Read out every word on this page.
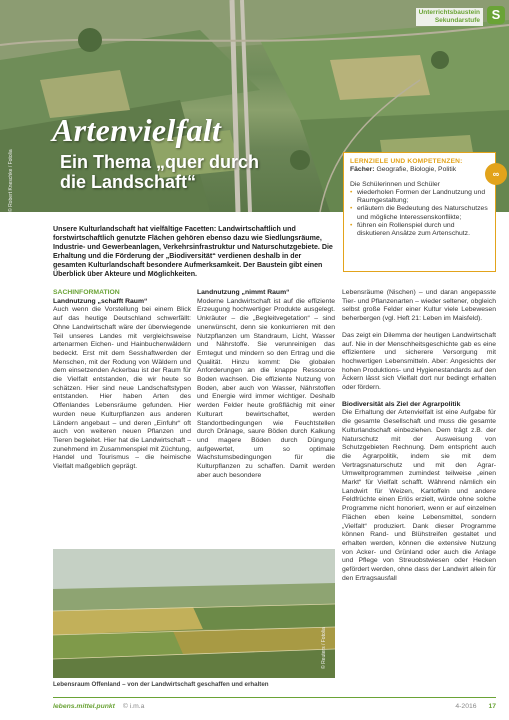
© Robert Kneschke / Fotolia
Unterrichtsbaustein
Sekundarstufe S
Artenvielfalt
Ein Thema „quer durch die Landschaft“	∞
LERNZIELE UND KOMPETENZEN:
Fächer: Geografie, Biologie, Politik
Die Schülerinnen und Schüler
• wiederholen Formen der Landnutzung und Raumgestaltung;
• erläutern die Bedeutung des Naturschutzes und mögliche Interessenskonflikte;
• führen ein Rollenspiel durch und diskutieren Ansätze zum Artenschutz.
Unsere Kulturlandschaft hat vielfältige Facetten: Landwirtschaftlich und forstwirtschaftlich genutzte Flächen gehören ebenso dazu wie Siedlungsräume, Industrie- und Gewerbeanlagen, Verkehrsinfrastruktur und Naturschutzgebiete. Die Erhaltung und die Förderung der „Biodiversität“ verdienen deshalb in der gesamten Kulturlandschaft besondere Aufmerksamkeit. Der Baustein gibt einen Überblick über Akteure und Möglichkeiten.
SACHINFORMATION
Landnutzung „schafft Raum“
Auch wenn die Vorstellung bei einem Blick auf das heutige Deutschland schwerfällt: Ohne Landwirtschaft wäre der überwiegende Teil unseres Landes mit vergleichsweise artenarmen Eichen- und Hainbuchenwäldern bedeckt. Erst mit dem Sesshaftwerden der Menschen, mit der Rodung von Wäldern und dem einsetzenden Ackerbau ist der Raum für die Vielfalt entstanden, die wir heute so schätzen. Hier sind neue Landschaftstypen entstanden. Hier haben Arten des Offenlandes Lebensräume gefunden. Hier wurden neue Kulturpflanzen aus anderen Ländern angebaut – und deren „Einfuhr“ oft auch von weiteren neuen Pflanzen und Tieren begleitet. Hier hat die Landwirtschaft – zunehmend im Zusammenspiel mit Züchtung, Handel und Tourismus – die heimische Vielfalt maßgeblich geprägt.
Landnutzung „nimmt Raum“
Moderne Landwirtschaft ist auf die effiziente Erzeugung hochwertiger Produkte ausgelegt. Unkräuter – die „Begleitvegetation“ – sind unerwünscht, denn sie konkurrieren mit den Nutzpflanzen um Standraum, Licht, Wasser und Nährstoffe. Sie verunreinigen das Erntegut und mindern so den Ertrag und die Qualität. Hinzu kommt: Die globalen Anforderungen an die knappe Ressource Boden wachsen. Die effiziente Nutzung von Boden, aber auch von Wasser, Nährstoffen und Energie wird immer wichtiger. Deshalb werden Felder heute großflächig mit einer Kulturart bewirtschaftet, werden Standortbedingungen wie Feuchtstellen durch Dränage, saure Böden durch Kalkung und magere Böden durch Düngung aufgewertet, um so optimale Wachstumsbedingungen für die Kulturpflanzen zu schaffen. Damit werden aber auch besondere
Lebensräume (Nischen) – und daran angepasste Tier- und Pflanzenarten – wieder seltener, obgleich selbst große Felder einer Kultur viele Lebewesen beherbergen (vgl. Heft 21: Leben im Maisfeld).
Das zeigt ein Dilemma der heutigen Landwirtschaft auf. Nie in der Menschheitsgeschichte gab es eine effizientere und sicherere Versorgung mit hochwertigen Lebensmitteln. Aber: Angesichts der hohen Produktions- und Hygienestandards auf den Äckern lässt sich Vielfalt dort nur bedingt erhalten oder fördern.
Biodiversität als Ziel der Agrarpolitik
Die Erhaltung der Artenvielfalt ist eine Aufgabe für die gesamte Gesellschaft und muss die gesamte Kulturlandschaft einbeziehen. Dem trägt z.B. der Naturschutz mit der Ausweisung von Schutzgebieten Rechnung. Dem entspricht auch die Agrarpolitik, indem sie mit dem Vertragsnaturschutz und mit den Agrar-Umweltprogrammen zumindest teilweise „einen Markt“ für Vielfalt schafft. Während nämlich ein Landwirt für Weizen, Kartoffeln und andere Feldfrüchte einen Erlös erzielt, würde ohne solche Programme nicht honoriert, wenn er auf einzelnen Flächen eben keine Lebensmittel, sondern „Vielfalt“ produziert. Dank dieser Programme können Rand- und Blühstreifen gestaltet und erhalten werden, können die extensive Nutzung von Acker- und Grünland oder auch die Anlage und Pflege von Streuobstwiesen oder Hecken gefördert werden, ohne dass der Landwirt allein für den Ertragsausfall
© Reuters / Fotolia
Lebensraum Offenland – von der Landwirtschaft geschaffen und erhalten
lebens.mittel.punkt © i.m.a	4-2016 17
